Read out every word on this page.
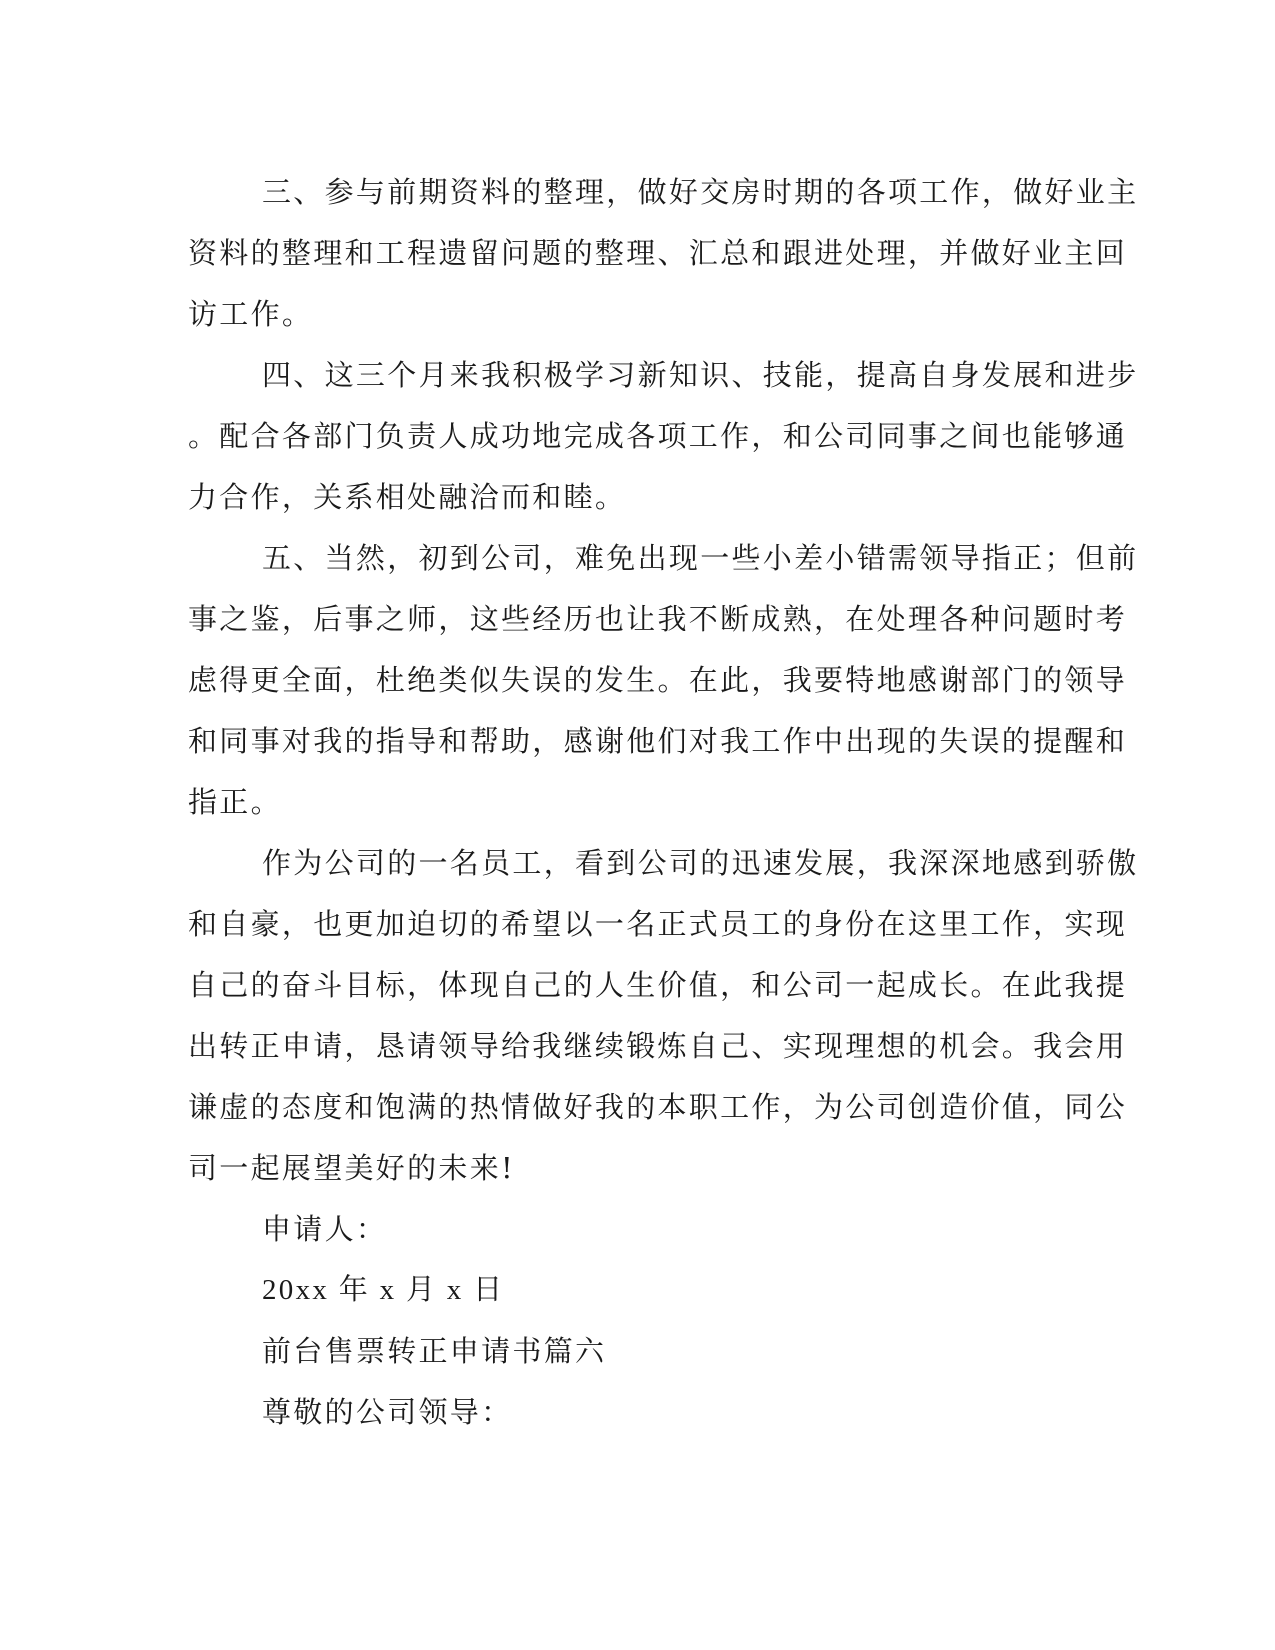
三、参与前期资料的整理，做好交房时期的各项工作，做好业主
资料的整理和工程遗留问题的整理、汇总和跟进处理，并做好业主回
访工作。
四、这三个月来我积极学习新知识、技能，提高自身发展和进步
。配合各部门负责人成功地完成各项工作，和公司同事之间也能够通
力合作，关系相处融洽而和睦。
五、当然，初到公司，难免出现一些小差小错需领导指正；但前
事之鉴，后事之师，这些经历也让我不断成熟，在处理各种问题时考
虑得更全面，杜绝类似失误的发生。在此，我要特地感谢部门的领导
和同事对我的指导和帮助，感谢他们对我工作中出现的失误的提醒和
指正。
作为公司的一名员工，看到公司的迅速发展，我深深地感到骄傲
和自豪，也更加迫切的希望以一名正式员工的身份在这里工作，实现
自己的奋斗目标，体现自己的人生价值，和公司一起成长。在此我提
出转正申请，恳请领导给我继续锻炼自己、实现理想的机会。我会用
谦虚的态度和饱满的热情做好我的本职工作，为公司创造价值，同公
司一起展望美好的未来!
申请人：
20xx 年 x 月 x 日
前台售票转正申请书篇六
尊敬的公司领导：
